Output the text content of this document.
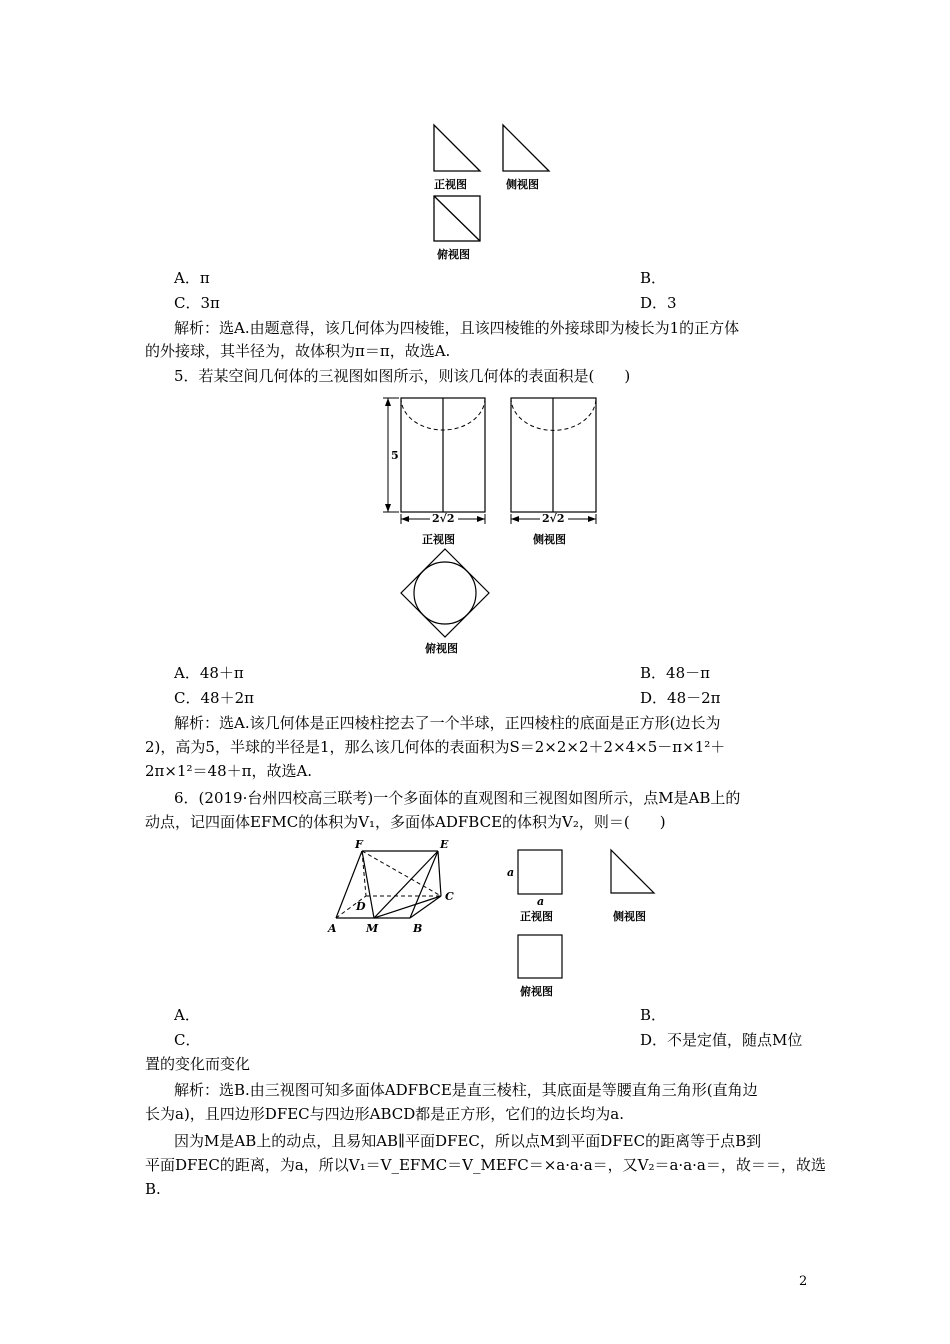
正视图	侧视图
俯视图
A．π	B．
C．3π	D．3
解析：选A.由题意得，该几何体为四棱锥，且该四棱锥的外接球即为棱长为1的正方体
的外接球，其半径为，故体积为π＝π，故选A.
5．若某空间几何体的三视图如图所示，则该几何体的表面积是(　　)
5
2√2	2√2
正视图	侧视图
俯视图
A．48＋π	B．48－π
C．48＋2π	D．48－2π
解析：选A.该几何体是正四棱柱挖去了一个半球，正四棱柱的底面是正方形(边长为
2)，高为5，半球的半径是1，那么该几何体的表面积为S＝2×2×2＋2×4×5－π×1²＋
2π×1²＝48＋π，故选A.
6．(2019·台州四校高三联考)一个多面体的直观图和三视图如图所示，点M是AB上的
动点，记四面体EFMC的体积为V₁，多面体ADFBCE的体积为V₂，则＝(　　)
F	E
C
D
A	M	B
a
a
正视图	侧视图
俯视图
A．	B．
C．	D．不是定值，随点M位
置的变化而变化
解析：选B.由三视图可知多面体ADFBCE是直三棱柱，其底面是等腰直角三角形(直角边
长为a)，且四边形DFEC与四边形ABCD都是正方形，它们的边长均为a.
因为M是AB上的动点，且易知AB∥平面DFEC，所以点M到平面DFEC的距离等于点B到
平面DFEC的距离，为a，所以V₁＝V_EFMC＝V_MEFC＝×a·a·a＝，又V₂＝a·a·a＝，故＝＝，故选
B.
2
